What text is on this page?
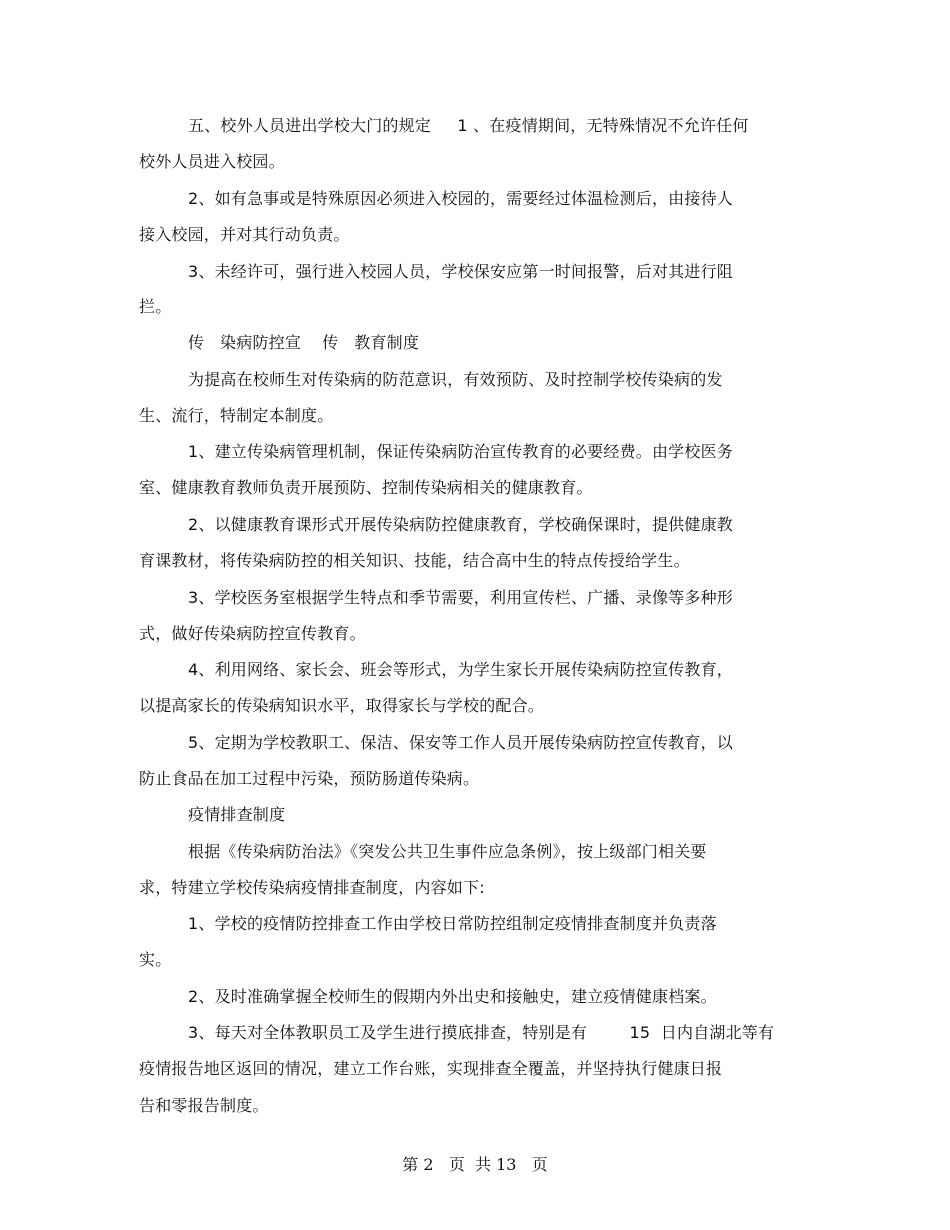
五、校外人员进出学校大门的规定     1 、在疫情期间，无特殊情况不允许任何
校外人员进入校园。
2、如有急事或是特殊原因必须进入校园的，需要经过体温检测后，由接待人
接入校园，并对其行动负责。
3、未经许可，强行进入校园人员，学校保安应第一时间报警，后对其进行阻
拦。
传   染病防控宣    传   教育制度
为提高在校师生对传染病的防范意识，有效预防、及时控制学校传染病的发
生、流行，特制定本制度。
1、建立传染病管理机制，保证传染病防治宣传教育的必要经费。由学校医务
室、健康教育教师负责开展预防、控制传染病相关的健康教育。
2、以健康教育课形式开展传染病防控健康教育，学校确保课时，提供健康教
育课教材，将传染病防控的相关知识、技能，结合高中生的特点传授给学生。
3、学校医务室根据学生特点和季节需要，利用宣传栏、广播、录像等多种形
式，做好传染病防控宣传教育。
4、利用网络、家长会、班会等形式，为学生家长开展传染病防控宣传教育，
以提高家长的传染病知识水平，取得家长与学校的配合。
5、定期为学校教职工、保洁、保安等工作人员开展传染病防控宣传教育，以
防止食品在加工过程中污染，预防肠道传染病。
疫情排查制度
根据《传染病防治法》《突发公共卫生事件应急条例》，按上级部门相关要
求，特建立学校传染病疫情排查制度，内容如下:
1、学校的疫情防控排查工作由学校日常防控组制定疫情排查制度并负责落
实。
2、及时准确掌握全校师生的假期内外出史和接触史，建立疫情健康档案。
3、每天对全体教职员工及学生进行摸底排查，特别是有        15  日内自湖北等有
疫情报告地区返回的情况，建立工作台账，实现排查全覆盖，并坚持执行健康日报
告和零报告制度。
第 2   页  共 13   页
